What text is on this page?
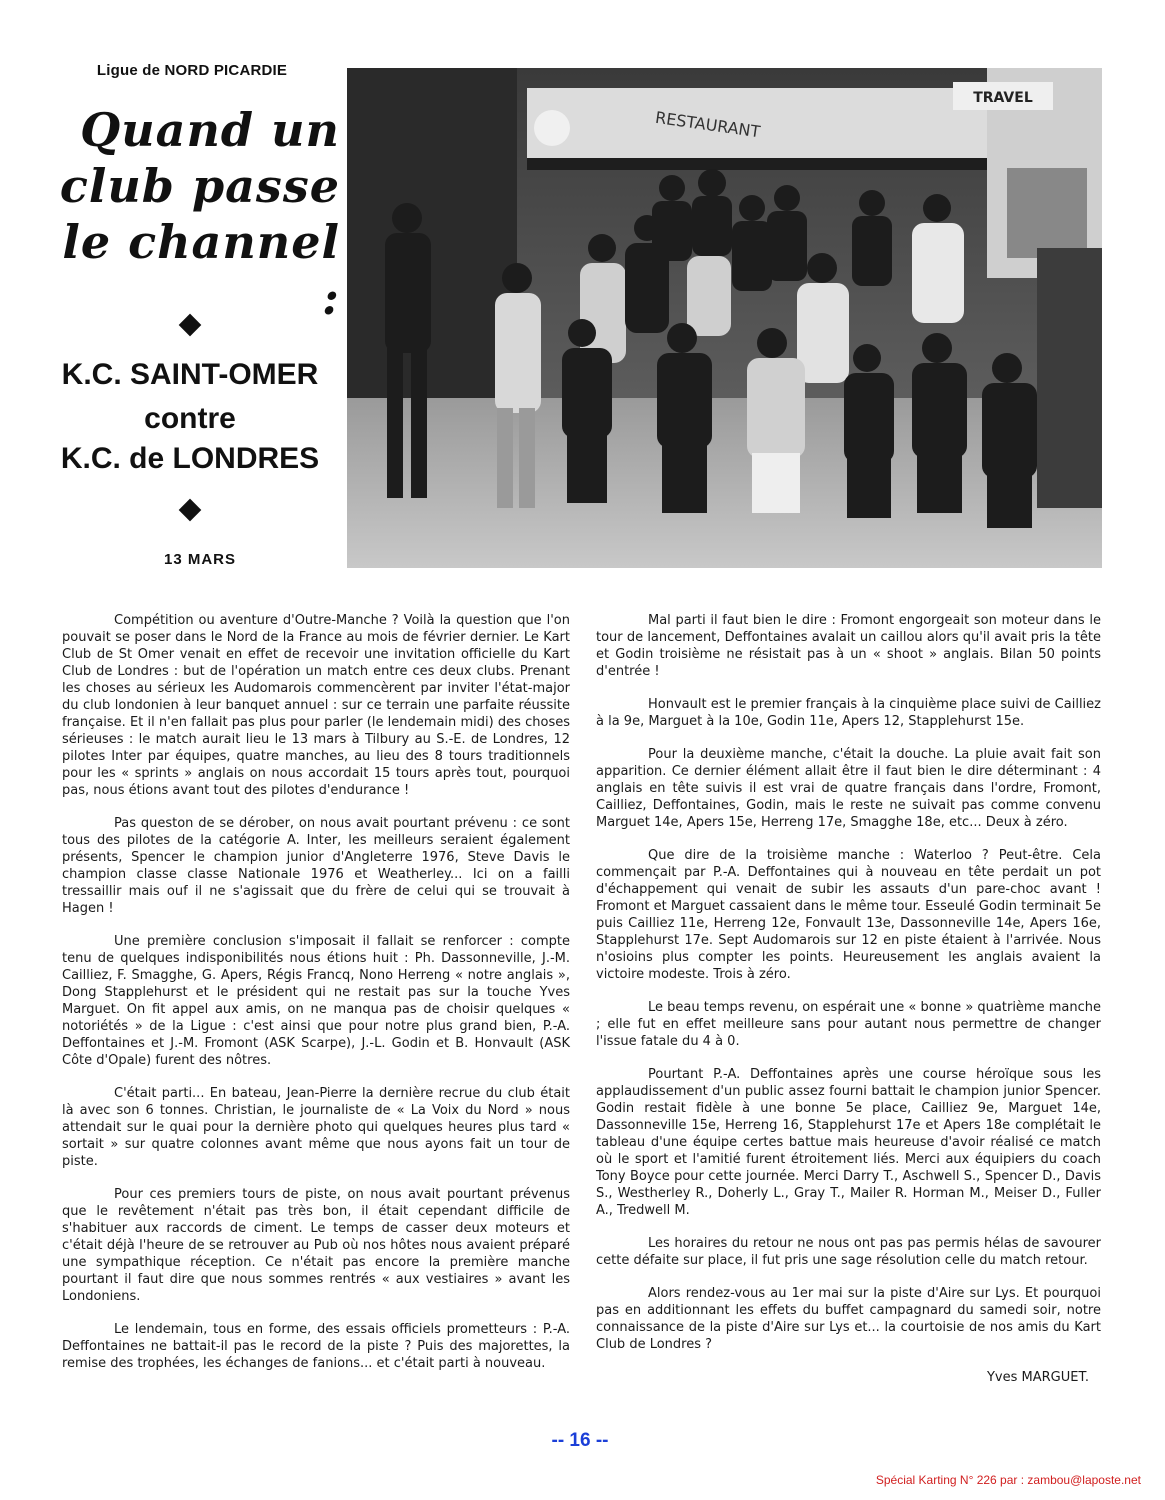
Ligue de NORD PICARDIE
Quand un
club passe
le channel :
K.C. SAINT-OMER
contre
K.C. de LONDRES
13 MARS
TRAVEL
RESTAURANT

Compétition ou aventure d'Outre-Manche ? Voilà la question que l'on pouvait se poser dans le Nord de la France au mois de février dernier. Le Kart Club de St Omer venait en effet de recevoir une invitation officielle du Kart Club de Londres : but de l'opération un match entre ces deux clubs. Prenant les choses au sérieux les Audomarois commencèrent par inviter l'état-major du club londonien à leur banquet annuel : sur ce terrain une parfaite réussite française. Et il n'en fallait pas plus pour parler (le lendemain midi) des choses sérieuses : le match aurait lieu le 13 mars à Tilbury au S.-E. de Londres, 12 pilotes Inter par équipes, quatre manches, au lieu des 8 tours traditionnels pour les « sprints » anglais on nous accordait 15 tours après tout, pourquoi pas, nous étions avant tout des pilotes d'endurance !

Pas queston de se dérober, on nous avait pourtant prévenu : ce sont tous des pilotes de la catégorie A. Inter, les meilleurs seraient également présents, Spencer le champion junior d'Angleterre 1976, Steve Davis le champion classe classe Nationale 1976 et Weatherley... Ici on a failli tressaillir mais ouf il ne s'agissait que du frère de celui qui se trouvait à Hagen !

Une première conclusion s'imposait il fallait se renforcer : compte tenu de quelques indisponibilités nous étions huit : Ph. Dassonneville, J.-M. Cailliez, F. Smagghe, G. Apers, Régis Francq, Nono Herreng « notre anglais », Dong Stapplehurst et le président qui ne restait pas sur la touche Yves Marguet. On fit appel aux amis, on ne manqua pas de choisir quelques « notoriétés » de la Ligue : c'est ainsi que pour notre plus grand bien, P.-A. Deffontaines et J.-M. Fromont (ASK Scarpe), J.-L. Godin et B. Honvault (ASK Côte d'Opale) furent des nôtres.

C'était parti... En bateau, Jean-Pierre la dernière recrue du club était là avec son 6 tonnes. Christian, le journaliste de « La Voix du Nord » nous attendait sur le quai pour la dernière photo qui quelques heures plus tard « sortait » sur quatre colonnes avant même que nous ayons fait un tour de piste.

Pour ces premiers tours de piste, on nous avait pourtant prévenus que le revêtement n'était pas très bon, il était cependant difficile de s'habituer aux raccords de ciment. Le temps de casser deux moteurs et c'était déjà l'heure de se retrouver au Pub où nos hôtes nous avaient préparé une sympathique réception. Ce n'était pas encore la première manche pourtant il faut dire que nous sommes rentrés « aux vestiaires » avant les Londoniens.

Le lendemain, tous en forme, des essais officiels prometteurs : P.-A. Deffontaines ne battait-il pas le record de la piste ? Puis des majorettes, la remise des trophées, les échanges de fanions... et c'était parti à nouveau.

Mal parti il faut bien le dire : Fromont engorgeait son moteur dans le tour de lancement, Deffontaines avalait un caillou alors qu'il avait pris la tête et Godin troisième ne résistait pas à un « shoot » anglais. Bilan 50 points d'entrée !

Honvault est le premier français à la cinquième place suivi de Cailliez à la 9e, Marguet à la 10e, Godin 11e, Apers 12, Stapplehurst 15e.

Pour la deuxième manche, c'était la douche. La pluie avait fait son apparition. Ce dernier élément allait être il faut bien le dire déterminant : 4 anglais en tête suivis il est vrai de quatre français dans l'ordre, Fromont, Cailliez, Deffontaines, Godin, mais le reste ne suivait pas comme convenu Marguet 14e, Apers 15e, Herreng 17e, Smagghe 18e, etc... Deux à zéro.

Que dire de la troisième manche : Waterloo ? Peut-être. Cela commençait par P.-A. Deffontaines qui à nouveau en tête perdait un pot d'échappement qui venait de subir les assauts d'un pare-choc avant ! Fromont et Marguet cassaient dans le même tour. Esseulé Godin terminait 5e puis Cailliez 11e, Herreng 12e, Fonvault 13e, Dassonneville 14e, Apers 16e, Stapplehurst 17e. Sept Audomarois sur 12 en piste étaient à l'arrivée. Nous n'osioins plus compter les points. Heureusement les anglais avaient la victoire modeste. Trois à zéro.

Le beau temps revenu, on espérait une « bonne » quatrième manche ; elle fut en effet meilleure sans pour autant nous permettre de changer l'issue fatale du 4 à 0.

Pourtant P.-A. Deffontaines après une course héroïque sous les applaudissement d'un public assez fourni battait le champion junior Spencer. Godin restait fidèle à une bonne 5e place, Cailliez 9e, Marguet 14e, Dassonneville 15e, Herreng 16, Stapplehurst 17e et Apers 18e complétait le tableau d'une équipe certes battue mais heureuse d'avoir réalisé ce match où le sport et l'amitié furent étroitement liés. Merci aux équipiers du coach Tony Boyce pour cette journée. Merci Darry T., Aschwell S., Spencer D., Davis S., Westherley R., Doherly L., Gray T., Mailer R. Horman M., Meiser D., Fuller A., Tredwell M.

Les horaires du retour ne nous ont pas pas permis hélas de savourer cette défaite sur place, il fut pris une sage résolution celle du match retour.

Alors rendez-vous au 1er mai sur la piste d'Aire sur Lys. Et pourquoi pas en additionnant les effets du buffet campagnard du samedi soir, notre connaissance de la piste d'Aire sur Lys et... la courtoisie de nos amis du Kart Club de Londres ?

Yves MARGUET.
-- 16 --
Spécial Karting N° 226 par : zambou@laposte.net
